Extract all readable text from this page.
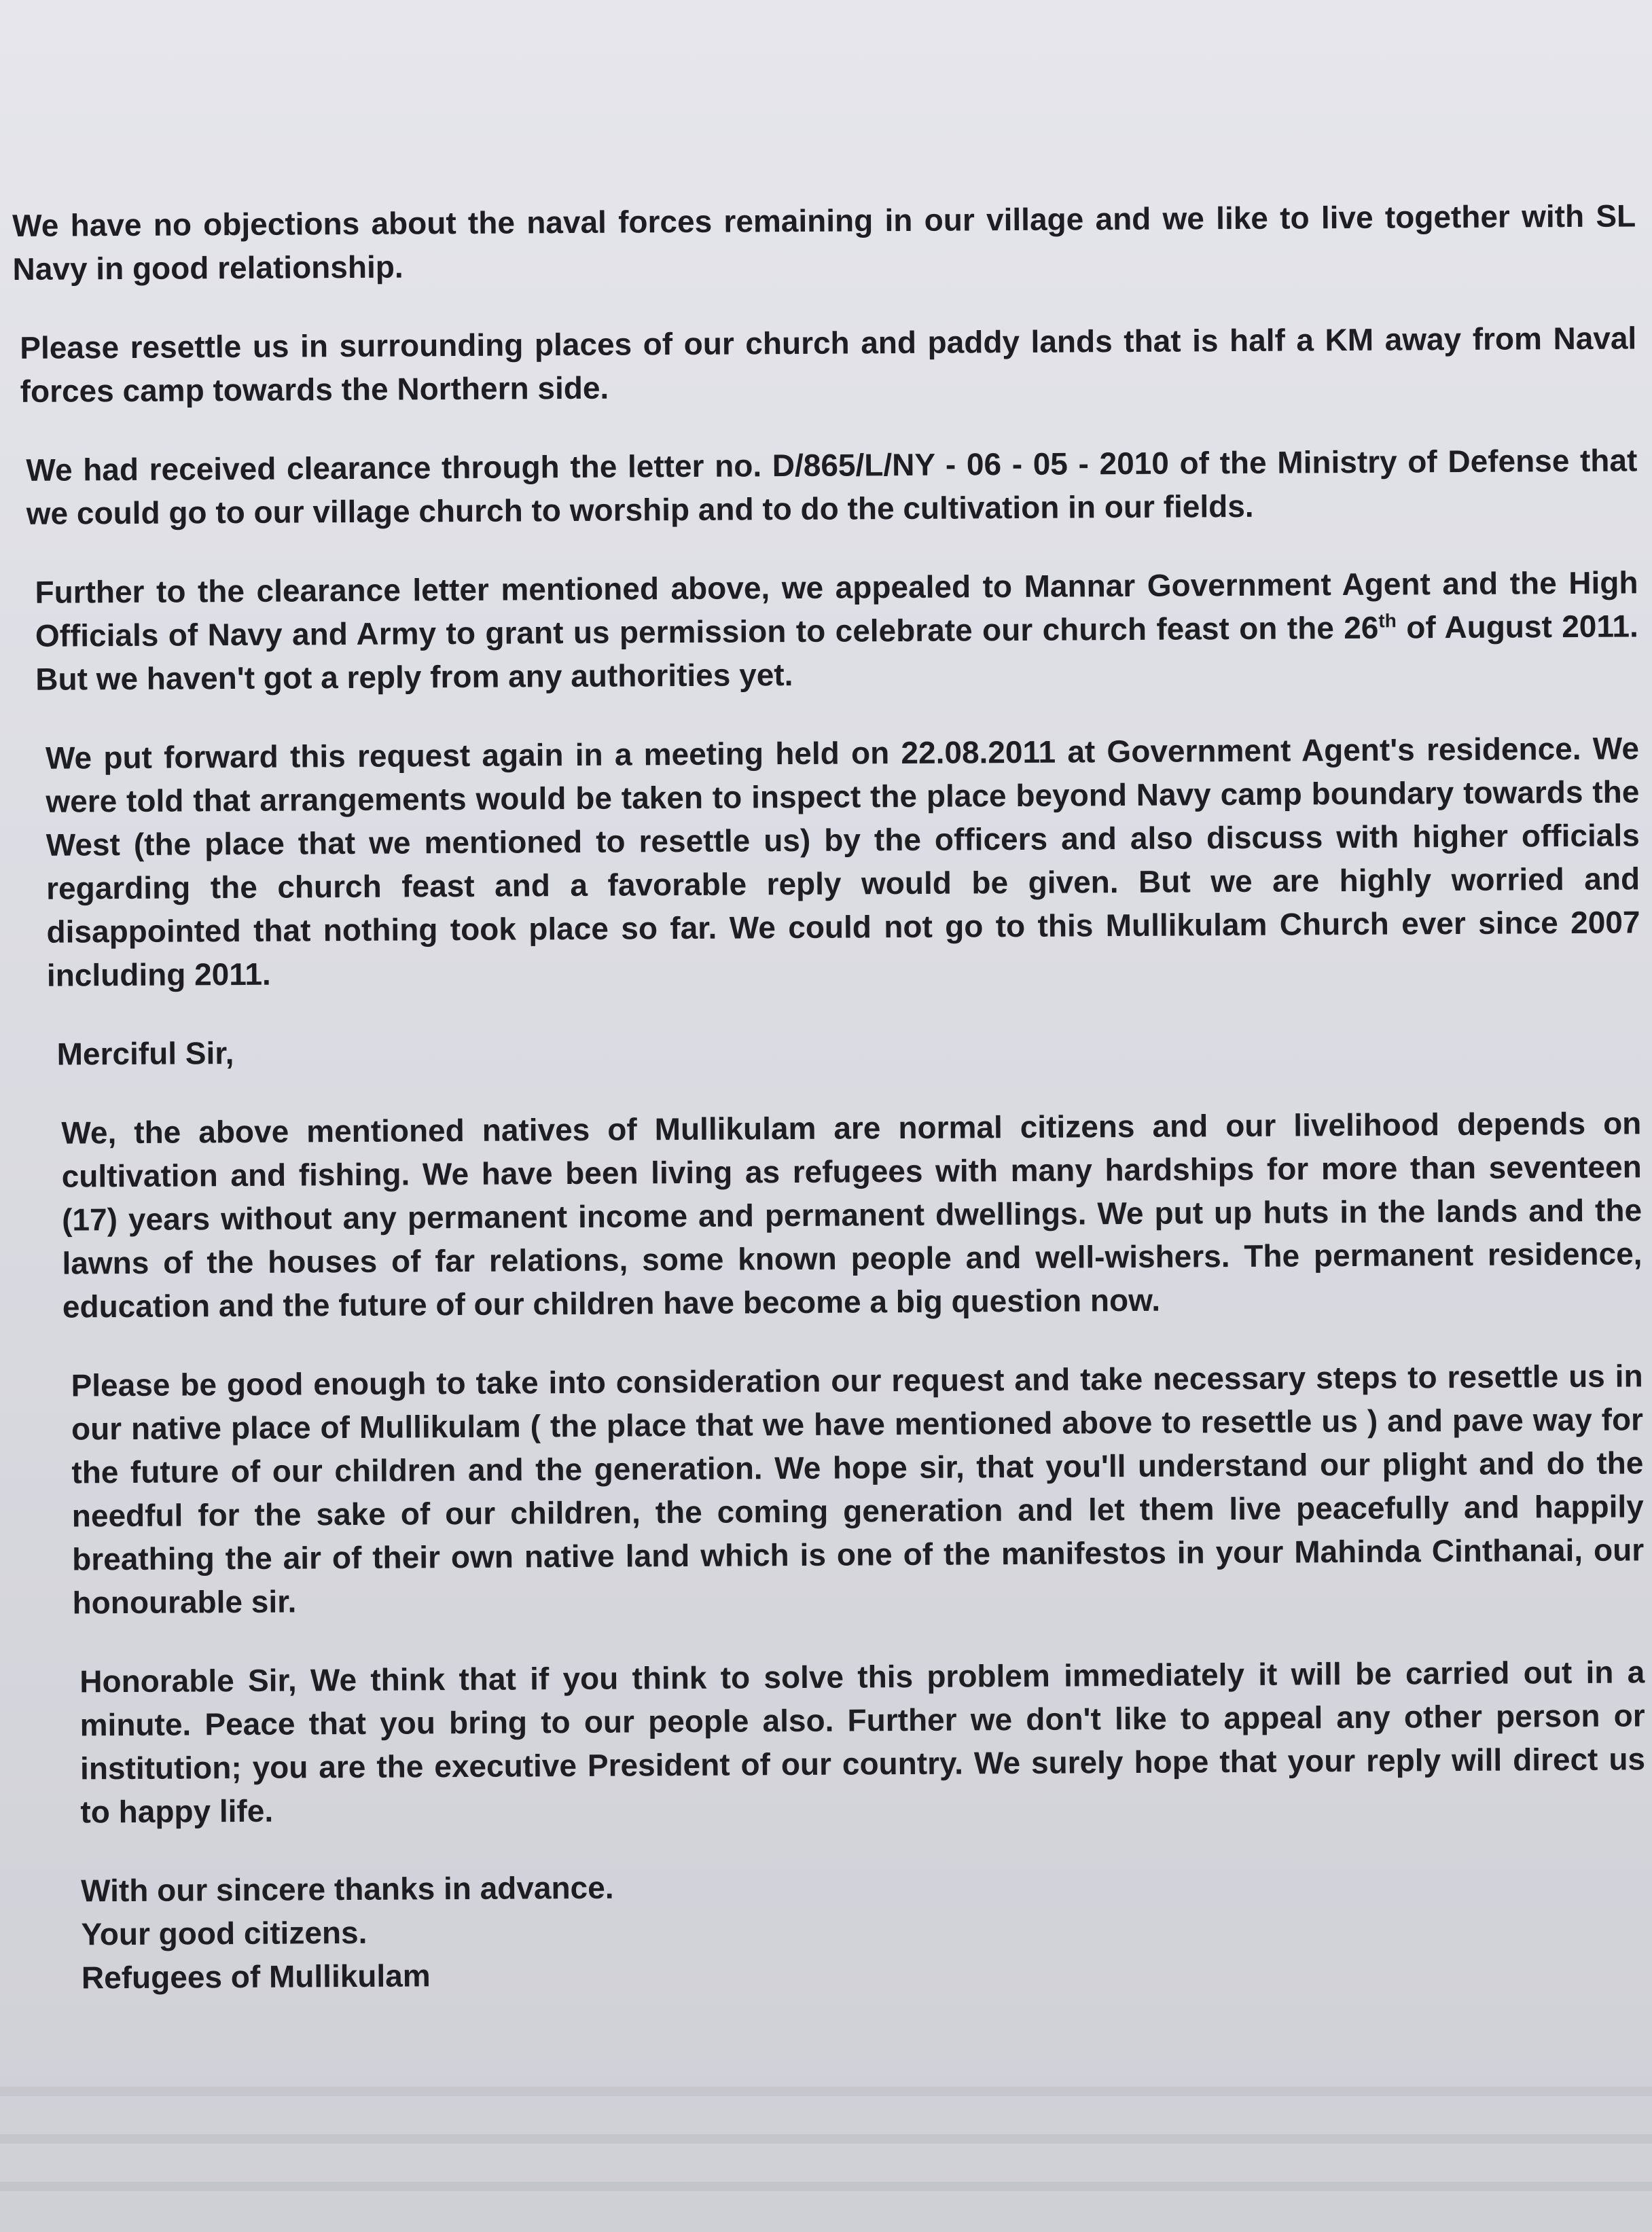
We have no objections about the naval forces remaining in our village and we like to live together with SL Navy in good relationship.

Please resettle us in surrounding places of our church and paddy lands that is half a KM away from Naval forces camp towards the Northern side.

We had received clearance through the letter no. D/865/L/NY - 06 - 05 - 2010 of the Ministry of Defense that we could go to our village church to worship and to do the cultivation in our fields.

Further to the clearance letter mentioned above, we appealed to Mannar Government Agent and the High Officials of Navy and Army to grant us permission to celebrate our church feast on the 26th of August 2011. But we haven't got a reply from any authorities yet.

We put forward this request again in a meeting held on 22.08.2011 at Government Agent's residence. We were told that arrangements would be taken to inspect the place beyond Navy camp boundary towards the West (the place that we mentioned to resettle us) by the officers and also discuss with higher officials regarding the church feast and a favorable reply would be given. But we are highly worried and disappointed that nothing took place so far. We could not go to this Mullikulam Church ever since 2007 including 2011.

Merciful Sir,

We, the above mentioned natives of Mullikulam are normal citizens and our livelihood depends on cultivation and fishing. We have been living as refugees with many hardships for more than seventeen (17) years without any permanent income and permanent dwellings. We put up huts in the lands and the lawns of the houses of far relations, some known people and well-wishers. The permanent residence, education and the future of our children have become a big question now.

Please be good enough to take into consideration our request and take necessary steps to resettle us in our native place of Mullikulam ( the place that we have mentioned above to resettle us ) and pave way for the future of our children and the generation. We hope sir, that you'll understand our plight and do the needful for the sake of our children, the coming generation and let them live peacefully and happily breathing the air of their own native land which is one of the manifestos in your Mahinda Cinthanai, our honourable sir.

Honorable Sir, We think that if you think to solve this problem immediately it will be carried out in a minute. Peace that you bring to our people also. Further we don't like to appeal any other person or institution; you are the executive President of our country. We surely hope that your reply will direct us to happy life.

With our sincere thanks in advance.
Your good citizens.
Refugees of Mullikulam
